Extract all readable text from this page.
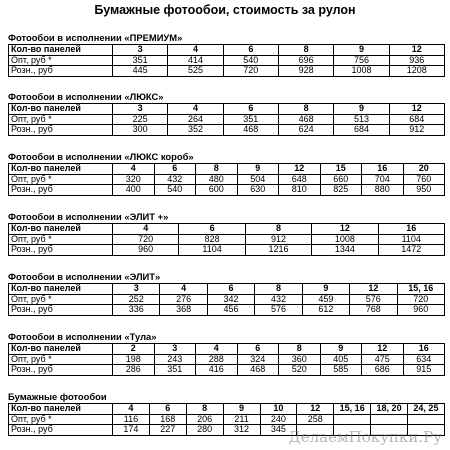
Бумажные фотообои, стоимость за рулон
Фотообои в исполнении «ПРЕМИУМ»
Кол-во панелей	3	4	6	8	9	12
Опт, руб *	351	414	540	696	756	936
Розн., руб	445	525	720	928	1008	1208
Фотообои в исполнении «ЛЮКС»
Кол-во панелей	3	4	6	8	9	12
Опт, руб *	225	264	351	468	513	684
Розн., руб	300	352	468	624	684	912
Фотообои в исполнении «ЛЮКС короб»
Кол-во панелей	4	6	8	9	12	15	16	20
Опт, руб *	320	432	480	504	648	660	704	760
Розн., руб	400	540	600	630	810	825	880	950
Фотообои в исполнении «ЭЛИТ +»
Кол-во панелей	4	6	8	12	16
Опт, руб *	720	828	912	1008	1104
Розн., руб	960	1104	1216	1344	1472
Фотообои в исполнении «ЭЛИТ»
Кол-во панелей	3	4	6	8	9	12	15, 16
Опт, руб *	252	276	342	432	459	576	720
Розн., руб	336	368	456	576	612	768	960
Фотообои в исполнении «Тула»
Кол-во панелей	2	3	4	6	8	9	12	16
Опт, руб *	198	243	288	324	360	405	475	634
Розн., руб	286	351	416	468	520	585	686	915
Бумажные фотообои
Кол-во панелей	4	6	8	9	10	12	15, 16	18, 20	24, 25
Опт, руб *	116	168	206	211	240	258			
Розн., руб	174	227	280	312	345				ДелаемПокупки.Ру
